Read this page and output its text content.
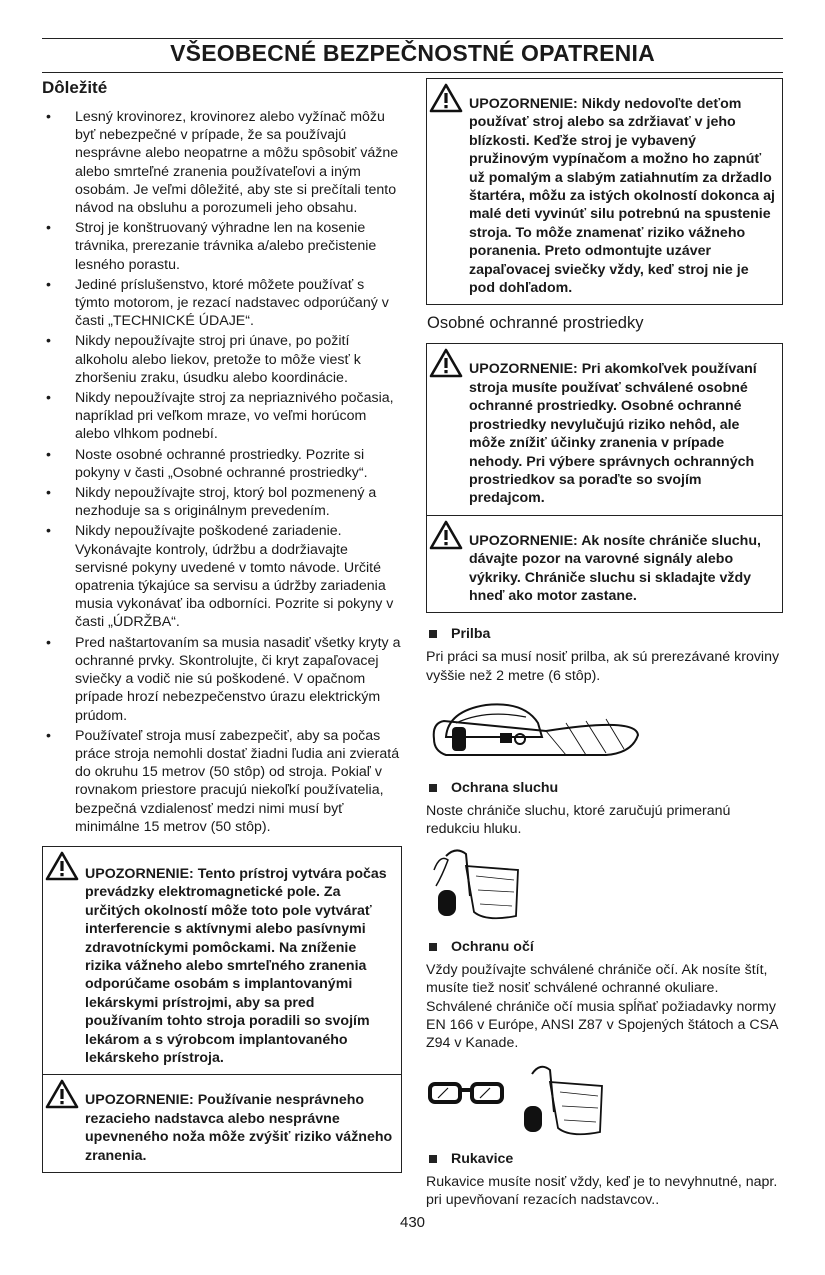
VŠEOBECNÉ BEZPEČNOSTNÉ OPATRENIA
Dôležité
• Lesný krovinorez, krovinorez alebo vyžínač môžu byť nebezpečné v prípade, že sa používajú nesprávne alebo neopatrne a môžu spôsobiť vážne alebo smrteľné zranenia používateľovi a iným osobám. Je veľmi dôležité, aby ste si prečítali tento návod na obsluhu a porozumeli jeho obsahu.
• Stroj je konštruovaný výhradne len na kosenie trávnika, prerezanie trávnika a/alebo prečistenie lesného porastu.
• Jediné príslušenstvo, ktoré môžete používať s týmto motorom, je rezací nadstavec odporúčaný v časti „TECHNICKÉ ÚDAJE“.
• Nikdy nepoužívajte stroj pri únave, po požití alkoholu alebo liekov, pretože to môže viesť k zhoršeniu zraku, úsudku alebo koordinácie.
• Nikdy nepoužívajte stroj za nepriaznivého počasia, napríklad pri veľkom mraze, vo veľmi horúcom alebo vlhkom podnebí.
• Noste osobné ochranné prostriedky. Pozrite si pokyny v časti „Osobné ochranné prostriedky“.
• Nikdy nepoužívajte stroj, ktorý bol pozmenený a nezhoduje sa s originálnym prevedením.
• Nikdy nepoužívajte poškodené zariadenie. Vykonávajte kontroly, údržbu a dodržiavajte servisné pokyny uvedené v tomto návode. Určité opatrenia týkajúce sa servisu a údržby zariadenia musia vykonávať iba odborníci. Pozrite si pokyny v časti „ÚDRŽBA“.
• Pred naštartovaním sa musia nasadiť všetky kryty a ochranné prvky. Skontrolujte, či kryt zapaľovacej sviečky a vodič nie sú poškodené. V opačnom prípade hrozí nebezpečenstvo úrazu elektrickým prúdom.
• Používateľ stroja musí zabezpečiť, aby sa počas práce stroja nemohli dostať žiadni ľudia ani zvieratá do okruhu 15 metrov (50 stôp) od stroja. Pokiaľ v rovnakom priestore pracujú niekoľkí používatelia, bezpečná vzdialenosť medzi nimi musí byť minimálne 15 metrov (50 stôp).
UPOZORNENIE: Tento prístroj vytvára počas prevádzky elektromagnetické pole. Za určitých okolností môže toto pole vytvárať interferencie s aktívnymi alebo pasívnymi zdravotníckymi pomôckami. Na zníženie rizika vážneho alebo smrteľného zranenia odporúčame osobám s implantovanými lekárskymi prístrojmi, aby sa pred používaním tohto stroja poradili so svojím lekárom a s výrobcom implantovaného lekárskeho prístroja.
UPOZORNENIE: Používanie nesprávneho rezacieho nadstavca alebo nesprávne upevneného noža môže zvýšiť riziko vážneho zranenia.
UPOZORNENIE: Nikdy nedovoľte deťom používať stroj alebo sa zdržiavať v jeho blízkosti. Keďže stroj je vybavený pružinovým vypínačom a možno ho zapnúť už pomalým a slabým zatiahnutím za držadlo štartéra, môžu za istých okolností dokonca aj malé deti vyvinúť silu potrebnú na spustenie stroja. To môže znamenať riziko vážneho poranenia. Preto odmontujte uzáver zapaľovacej sviečky vždy, keď stroj nie je pod dohľadom.
Osobné ochranné prostriedky
UPOZORNENIE: Pri akomkoľvek používaní stroja musíte používať schválené osobné ochranné prostriedky. Osobné ochranné prostriedky nevylučujú riziko nehôd, ale môže znížiť účinky zranenia v prípade nehody. Pri výbere správnych ochranných prostriedkov sa poraďte so svojím predajcom.
UPOZORNENIE: Ak nosíte chrániče sluchu, dávajte pozor na varovné signály alebo výkriky. Chrániče sluchu si skladajte vždy hneď ako motor zastane.
Prilba

Pri práci sa musí nosiť prilba, ak sú prerezávané kroviny vyššie než 2 metre (6 stôp).

Ochrana sluchu

Noste chrániče sluchu, ktoré zaručujú primeranú redukciu hluku.

Ochranu očí

Vždy používajte schválené chrániče očí. Ak nosíte štít, musíte tiež nosiť schválené ochranné okuliare. Schválené chrániče očí musia spĺňať požiadavky normy EN 166 v Európe, ANSI Z87 v Spojených štátoch a CSA Z94 v Kanade.

Rukavice

Rukavice musíte nosiť vždy, keď je to nevyhnutné, napr. pri upevňovaní rezacích nadstavcov..

430
